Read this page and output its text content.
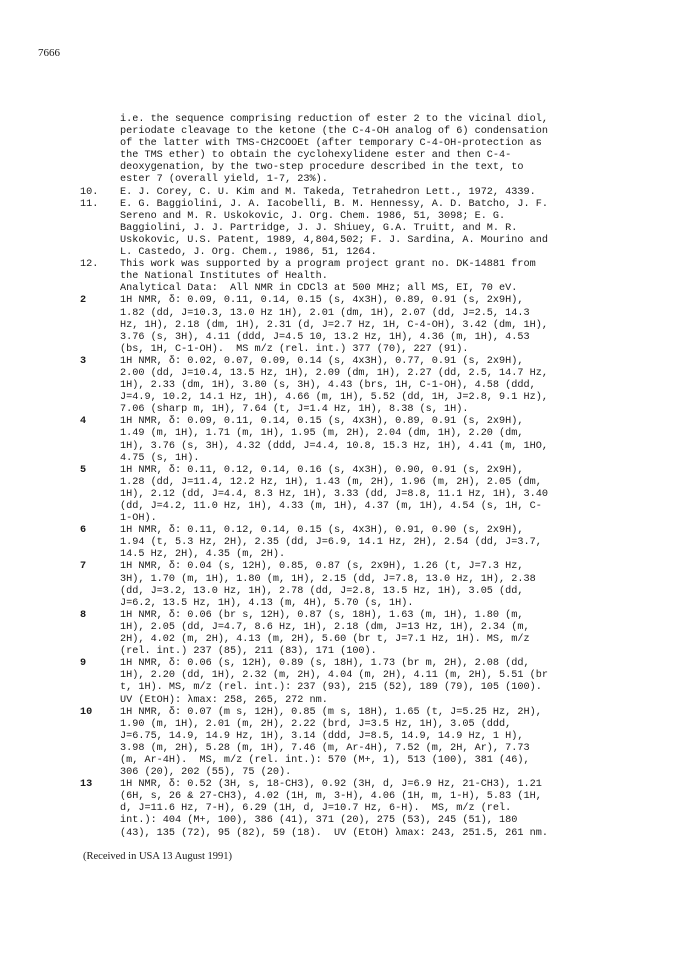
7666
i.e. the sequence comprising reduction of ester 2 to the vicinal diol,
periodate cleavage to the ketone (the C-4-OH analog of 6) condensation
of the latter with TMS-CH2COOEt (after temporary C-4-OH-protection as
the TMS ether) to obtain the cyclohexylidene ester and then C-4-
deoxygenation, by the two-step procedure described in the text, to
ester 7 (overall yield, 1-7, 23%).
10. E. J. Corey, C. U. Kim and M. Takeda, Tetrahedron Lett., 1972, 4339.
11. E. G. Baggiolini, J. A. Iacobelli, B. M. Hennessy, A. D. Batcho, J. F.
Sereno and M. R. Uskokovic, J. Org. Chem. 1986, 51, 3098; E. G.
Baggiolini, J. J. Partridge, J. J. Shiuey, G.A. Truitt, and M. R.
Uskokovic, U.S. Patent, 1989, 4,804,502; F. J. Sardina, A. Mourino and
L. Castedo, J. Org. Chem., 1986, 51, 1264.
12. This work was supported by a program project grant no. DK-14881 from
the National Institutes of Health.
Analytical Data:  All NMR in CDCl3 at 500 MHz; all MS, EI, 70 eV.
2	1H NMR, δ: 0.09, 0.11, 0.14, 0.15 (s, 4x3H), 0.89, 0.91 (s, 2x9H),
1.82 (dd, J=10.3, 13.0 Hz 1H), 2.01 (dm, 1H), 2.07 (dd, J=2.5, 14.3
Hz, 1H), 2.18 (dm, 1H), 2.31 (d, J=2.7 Hz, 1H, C-4-OH), 3.42 (dm, 1H),
3.76 (s, 3H), 4.11 (ddd, J=4.5 10, 13.2 Hz, 1H), 4.36 (m, 1H), 4.53
(bs, 1H, C-1-OH).  MS m/z (rel. int.) 377 (70), 227 (91).
3	1H NMR, δ: 0.02, 0.07, 0.09, 0.14 (s, 4x3H), 0.77, 0.91 (s, 2x9H),
2.00 (dd, J=10.4, 13.5 Hz, 1H), 2.09 (dm, 1H), 2.27 (dd, 2.5, 14.7 Hz,
1H), 2.33 (dm, 1H), 3.80 (s, 3H), 4.43 (brs, 1H, C-1-OH), 4.58 (ddd,
J=4.9, 10.2, 14.1 Hz, 1H), 4.66 (m, 1H), 5.52 (dd, 1H, J=2.8, 9.1 Hz),
7.06 (sharp m, 1H), 7.64 (t, J=1.4 Hz, 1H), 8.38 (s, 1H).
4	1H NMR, δ: 0.09, 0.11, 0.14, 0.15 (s, 4x3H), 0.89, 0.91 (s, 2x9H),
1.49 (m, 1H), 1.71 (m, 1H), 1.95 (m, 2H), 2.04 (dm, 1H), 2.20 (dm,
1H), 3.76 (s, 3H), 4.32 (ddd, J=4.4, 10.8, 15.3 Hz, 1H), 4.41 (m, 1HO,
4.75 (s, 1H).
5	1H NMR, δ: 0.11, 0.12, 0.14, 0.16 (s, 4x3H), 0.90, 0.91 (s, 2x9H),
1.28 (dd, J=11.4, 12.2 Hz, 1H), 1.43 (m, 2H), 1.96 (m, 2H), 2.05 (dm,
1H), 2.12 (dd, J=4.4, 8.3 Hz, 1H), 3.33 (dd, J=8.8, 11.1 Hz, 1H), 3.40
(dd, J=4.2, 11.0 Hz, 1H), 4.33 (m, 1H), 4.37 (m, 1H), 4.54 (s, 1H, C-
1-OH).
6	1H NMR, δ: 0.11, 0.12, 0.14, 0.15 (s, 4x3H), 0.91, 0.90 (s, 2x9H),
1.94 (t, 5.3 Hz, 2H), 2.35 (dd, J=6.9, 14.1 Hz, 2H), 2.54 (dd, J=3.7,
14.5 Hz, 2H), 4.35 (m, 2H).
7	1H NMR, δ: 0.04 (s, 12H), 0.85, 0.87 (s, 2x9H), 1.26 (t, J=7.3 Hz,
3H), 1.70 (m, 1H), 1.80 (m, 1H), 2.15 (dd, J=7.8, 13.0 Hz, 1H), 2.38
(dd, J=3.2, 13.0 Hz, 1H), 2.78 (dd, J=2.8, 13.5 Hz, 1H), 3.05 (dd,
J=6.2, 13.5 Hz, 1H), 4.13 (m, 4H), 5.70 (s, 1H).
8	1H NMR, δ: 0.06 (br s, 12H), 0.87 (s, 18H), 1.63 (m, 1H), 1.80 (m,
1H), 2.05 (dd, J=4.7, 8.6 Hz, 1H), 2.18 (dm, J=13 Hz, 1H), 2.34 (m,
2H), 4.02 (m, 2H), 4.13 (m, 2H), 5.60 (br t, J=7.1 Hz, 1H). MS, m/z
(rel. int.) 237 (85), 211 (83), 171 (100).
9	1H NMR, δ: 0.06 (s, 12H), 0.89 (s, 18H), 1.73 (br m, 2H), 2.08 (dd,
1H), 2.20 (dd, 1H), 2.32 (m, 2H), 4.04 (m, 2H), 4.11 (m, 2H), 5.51 (br
t, 1H). MS, m/z (rel. int.): 237 (93), 215 (52), 189 (79), 105 (100).
UV (EtOH): λmax: 258, 265, 272 nm.
10	1H NMR, δ: 0.07 (m s, 12H), 0.85 (m s, 18H), 1.65 (t, J=5.25 Hz, 2H),
1.90 (m, 1H), 2.01 (m, 2H), 2.22 (brd, J=3.5 Hz, 1H), 3.05 (ddd,
J=6.75, 14.9, 14.9 Hz, 1H), 3.14 (ddd, J=8.5, 14.9, 14.9 Hz, 1 H),
3.98 (m, 2H), 5.28 (m, 1H), 7.46 (m, Ar-4H), 7.52 (m, 2H, Ar), 7.73
(m, Ar-4H).  MS, m/z (rel. int.): 570 (M+, 1), 513 (100), 381 (46),
306 (20), 202 (55), 75 (20).
13	1H NMR, δ: 0.52 (3H, s, 18-CH3), 0.92 (3H, d, J=6.9 Hz, 21-CH3), 1.21
(6H, s, 26 & 27-CH3), 4.02 (1H, m, 3-H), 4.06 (1H, m, 1-H), 5.83 (1H,
d, J=11.6 Hz, 7-H), 6.29 (1H, d, J=10.7 Hz, 6-H).  MS, m/z (rel.
int.): 404 (M+, 100), 386 (41), 371 (20), 275 (53), 245 (51), 180
(43), 135 (72), 95 (82), 59 (18).  UV (EtOH) λmax: 243, 251.5, 261 nm.
(Received in USA 13 August 1991)
